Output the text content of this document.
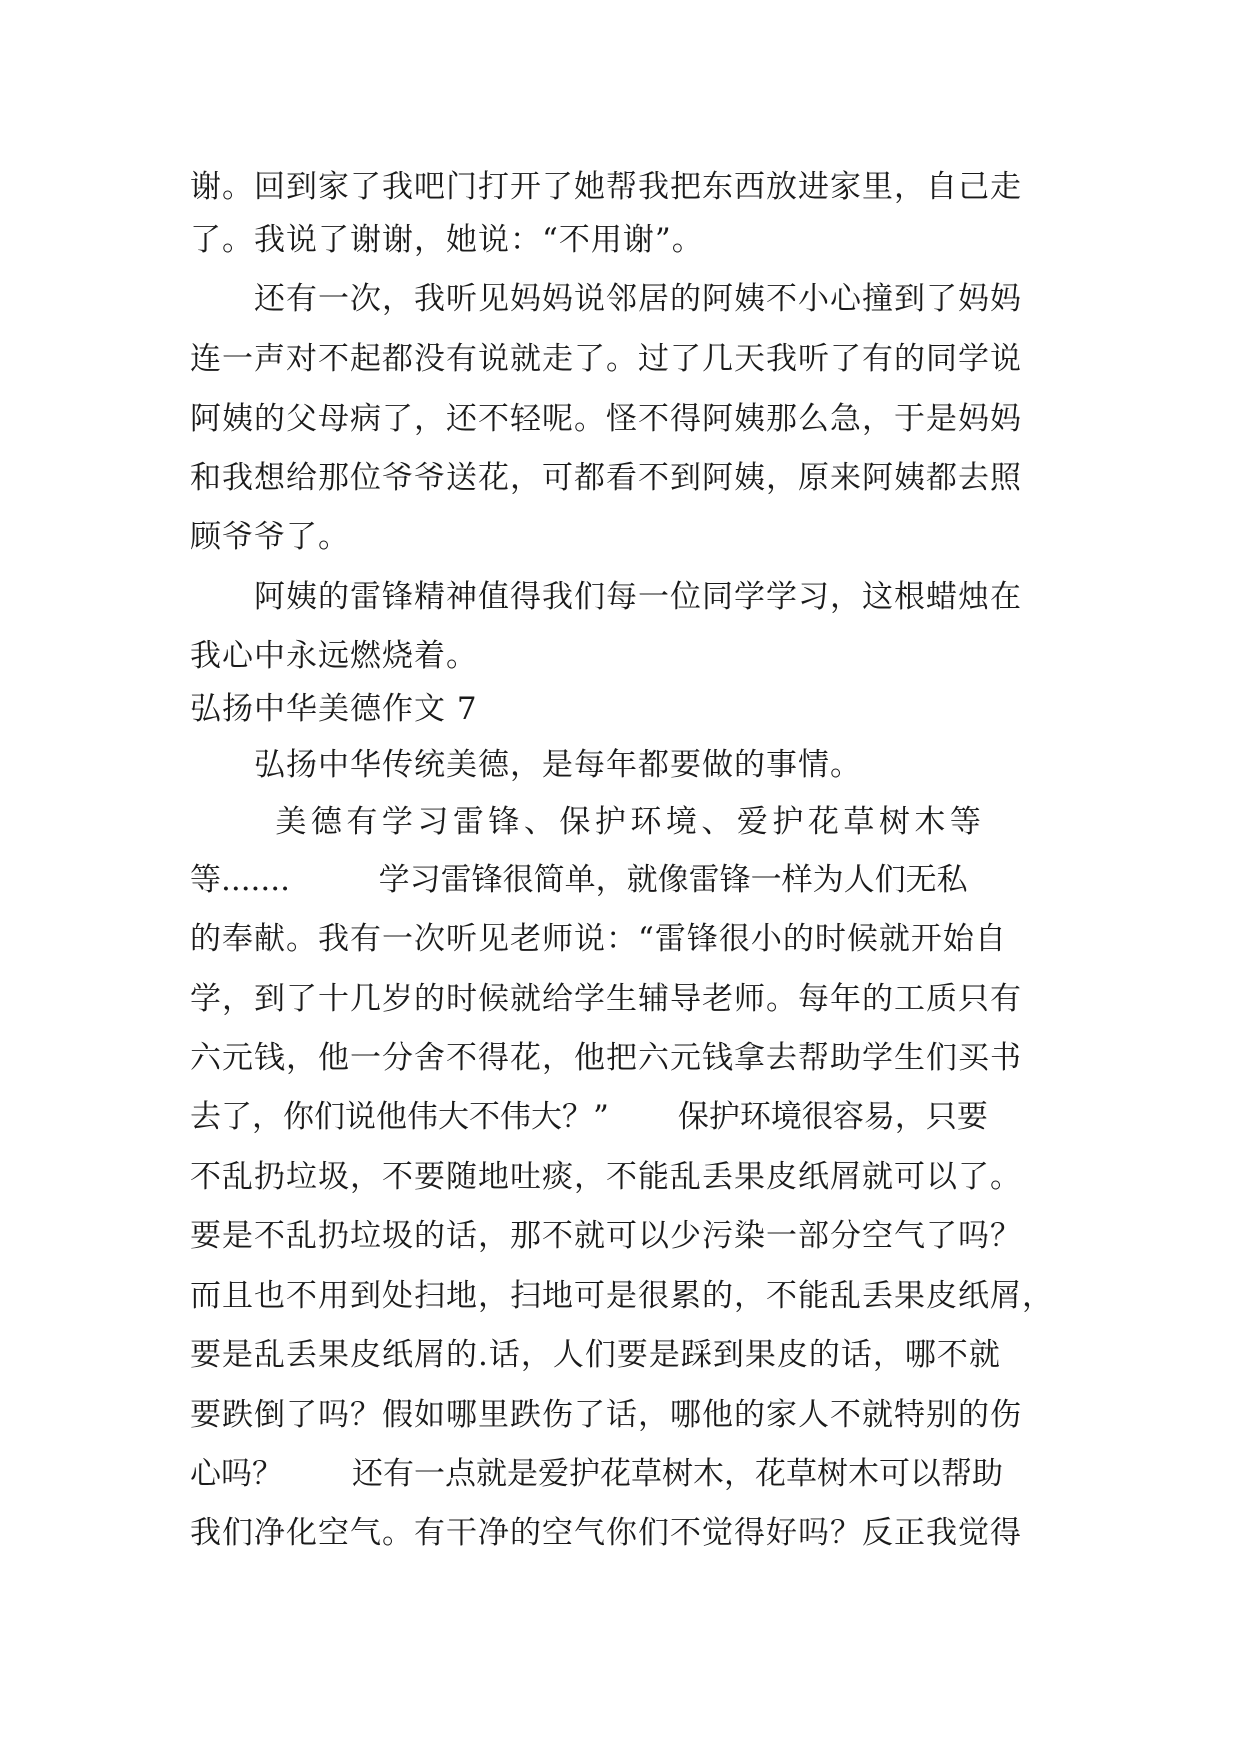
谢。回到家了我吧门打开了她帮我把东西放进家里，自己走
了。我说了谢谢，她说：“不用谢”。
　　还有一次，我听见妈妈说邻居的阿姨不小心撞到了妈妈
连一声对不起都没有说就走了。过了几天我听了有的同学说
阿姨的父母病了，还不轻呢。怪不得阿姨那么急，于是妈妈
和我想给那位爷爷送花，可都看不到阿姨，原来阿姨都去照
顾爷爷了。
　　阿姨的雷锋精神值得我们每一位同学学习，这根蜡烛在
我心中永远燃烧着。
弘扬中华美德作文 7
　　弘扬中华传统美德，是每年都要做的事情。
　　 美德有学习雷锋、保护环境、爱护花草树木等
等.......         学习雷锋很简单，就像雷锋一样为人们无私
的奉献。我有一次听见老师说：“雷锋很小的时候就开始自
学，到了十几岁的时候就给学生辅导老师。每年的工质只有
六元钱，他一分舍不得花，他把六元钱拿去帮助学生们买书
去了，你们说他伟大不伟大？”       保护环境很容易，只要
不乱扔垃圾，不要随地吐痰，不能乱丢果皮纸屑就可以了。
要是不乱扔垃圾的话，那不就可以少污染一部分空气了吗？
而且也不用到处扫地，扫地可是很累的，不能乱丢果皮纸屑，
要是乱丢果皮纸屑的.话，人们要是踩到果皮的话，哪不就
要跌倒了吗？假如哪里跌伤了话，哪他的家人不就特别的伤
心吗？       还有一点就是爱护花草树木，花草树木可以帮助
我们净化空气。有干净的空气你们不觉得好吗？反正我觉得
